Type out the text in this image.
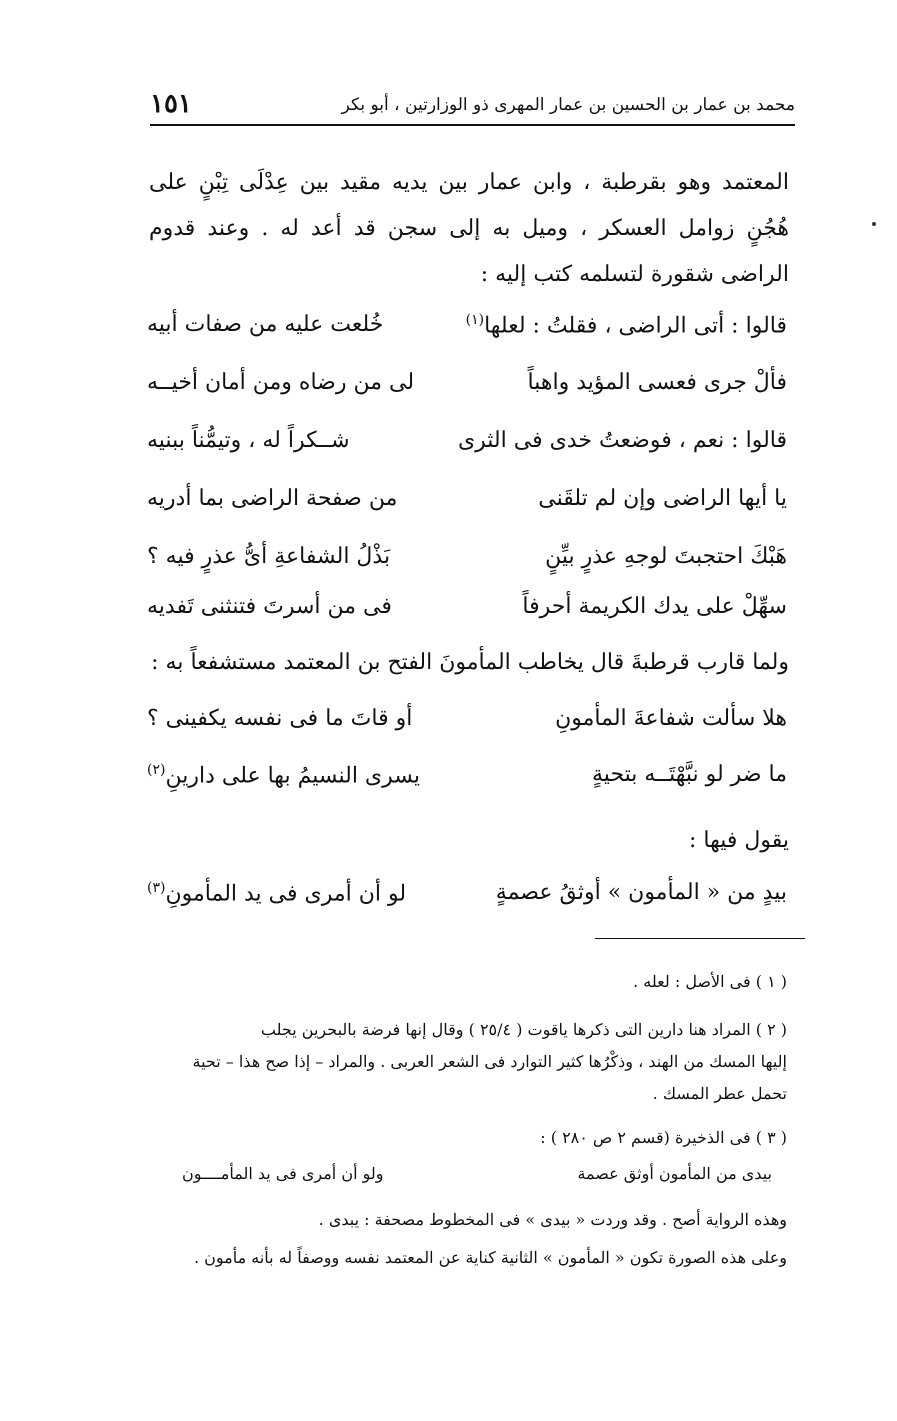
محمد بن عمار بن الحسين بن عمار المهرى ذو الوزارتين ، أبو بكر
١٥١
المعتمد وهو بقرطبة ، وابن عمار بين يديه مقيد بين عِدْلَى تِبْنٍ على هُجُنٍ زوامل العسكر ، وميل به إلى سجن قد أعد له . وعند قدوم الراضى شقورة لتسلمه كتب إليه :
قالوا : أتى الراضى ، فقلتُ : لعلها$^{(١)}$
خُلعت عليه من صفات أبيه
فألْ جرى فعسى المؤيد واهباً
لى من رضاه ومن أمان أخيــه
قالوا : نعم ، فوضعتُ خدى فى الثرى
شــكراً له ، وتيمُّناً ببنيه
يا أيها الراضى وإن لم تلقَنى
من صفحة الراضى بما أدريه
هَبْكَ احتجبتَ لوجهِ عذرٍ بيِّنٍ
بَذْلُ الشفاعةِ أىُّ عذرٍ فيه ؟
سهِّلْ على يدك الكريمة أحرفاً
فى من أسرتَ فتنثنى تَفديه
ولما قارب قرطبةَ قال يخاطب المأمونَ الفتح بن المعتمد مستشفعاً به :
هلا سألت شفاعةَ المأمونِ
أو قاتَ ما فى نفسه يكفينى ؟
ما ضر لو نبَّهْتَــه بتحيةٍ
يسرى النسيمُ بها على دارينِ$^{(٢)}$
يقول فيها :
بيدٍ من « المأمون » أوثقُ عصمةٍ
لو أن أمرى فى يد المأمونِ$^{(٣)}$
( ١ ) فى الأصل : لعله .
( ٢ ) المراد هنا دارين التى ذكرها ياقوت ( ٢٥/٤ ) وقال إنها فرضة بالبحرين يجلب
إليها المسك من الهند ، وذكْرُها كثير التوارد فى الشعر العربى . والمراد – إذا صح هذا – تحية
تحمل عطر المسك .
( ٣ ) فى الذخيرة (قسم ٢ ص ٢٨٠ ) :
بيدى من المأمون أوثق عصمة
ولو أن أمرى فى يد المأمــــون
وهذه الرواية أصح . وقد وردت « بيدى » فى المخطوط مصحفة : يبدى .
وعلى هذه الصورة تكون « المأمون » الثانية كناية عن المعتمد نفسه ووصفاً له بأنه مأمون .
